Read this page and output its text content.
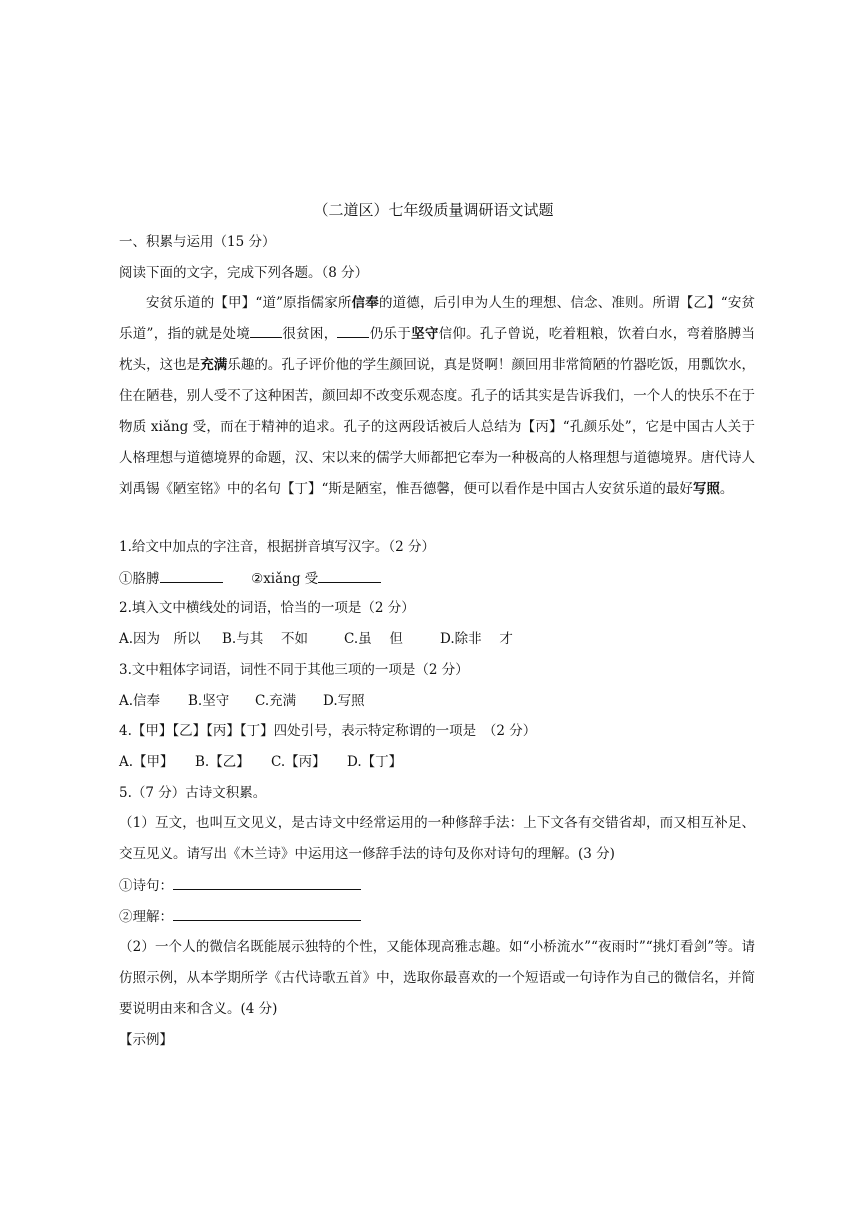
（二道区）七年级质量调研语文试题
一、积累与运用（15 分）
阅读下面的文字，完成下列各题。（8 分）
安贫乐道的【甲】“道”原指儒家所信奉的道德，后引申为人生的理想、信念、准则。所谓【乙】“安贫乐道”，指的就是处境 很贫困， 仍乐于坚守信仰。孔子曾说，吃着粗粮，饮着白水，弯着胳膊当枕头，这也是充满乐趣的。孔子评价他的学生颜回说，真是贤啊！颜回用非常简陋的竹器吃饭，用瓢饮水，住在陋巷，别人受不了这种困苦，颜回却不改变乐观态度。孔子的话其实是告诉我们，一个人的快乐不在于物质 xiǎng 受，而在于精神的追求。孔子的这两段话被后人总结为【丙】“孔颜乐处”，它是中国古人关于人格理想与道德境界的命题，汉、宋以来的儒学大师都把它奉为一种极高的人格理想与道德境界。唐代诗人刘禹锡《陋室铭》中的名句【丁】“斯是陋室，惟吾德馨，便可以看作是中国古人安贫乐道的最好写照。
1.给文中加点的字注音，根据拼音填写汉字。（2 分）
①胳膊	②xiǎng 受
2.填入文中横线处的词语，恰当的一项是（2 分）
A.因为　所以 B.与其　 不如	C.虽　 但	D.除非　 才
3.文中粗体字词语，词性不同于其他三项的一项是（2 分）
A.信奉 B.坚守 C.充满 D.写照
4.【甲】【乙】【丙】【丁】四处引号，表示特定称谓的一项是　（2 分）
A.【甲】 B.【乙】 C.【丙】 D.【丁】
5.（7 分）古诗文积累。
（1）互文，也叫互文见义，是古诗文中经常运用的一种修辞手法：上下文各有交错省却，而又相互补足、交互见义。请写出《木兰诗》中运用这一修辞手法的诗句及你对诗句的理解。(3 分)
①诗句：
②理解：
（2）一个人的微信名既能展示独特的个性，又能体现高雅志趣。如“小桥流水”“夜雨时”“挑灯看剑”等。请仿照示例，从本学期所学《古代诗歌五首》中，选取你最喜欢的一个短语或一句诗作为自己的微信名，并简要说明由来和含义。(4 分)
【示例】
